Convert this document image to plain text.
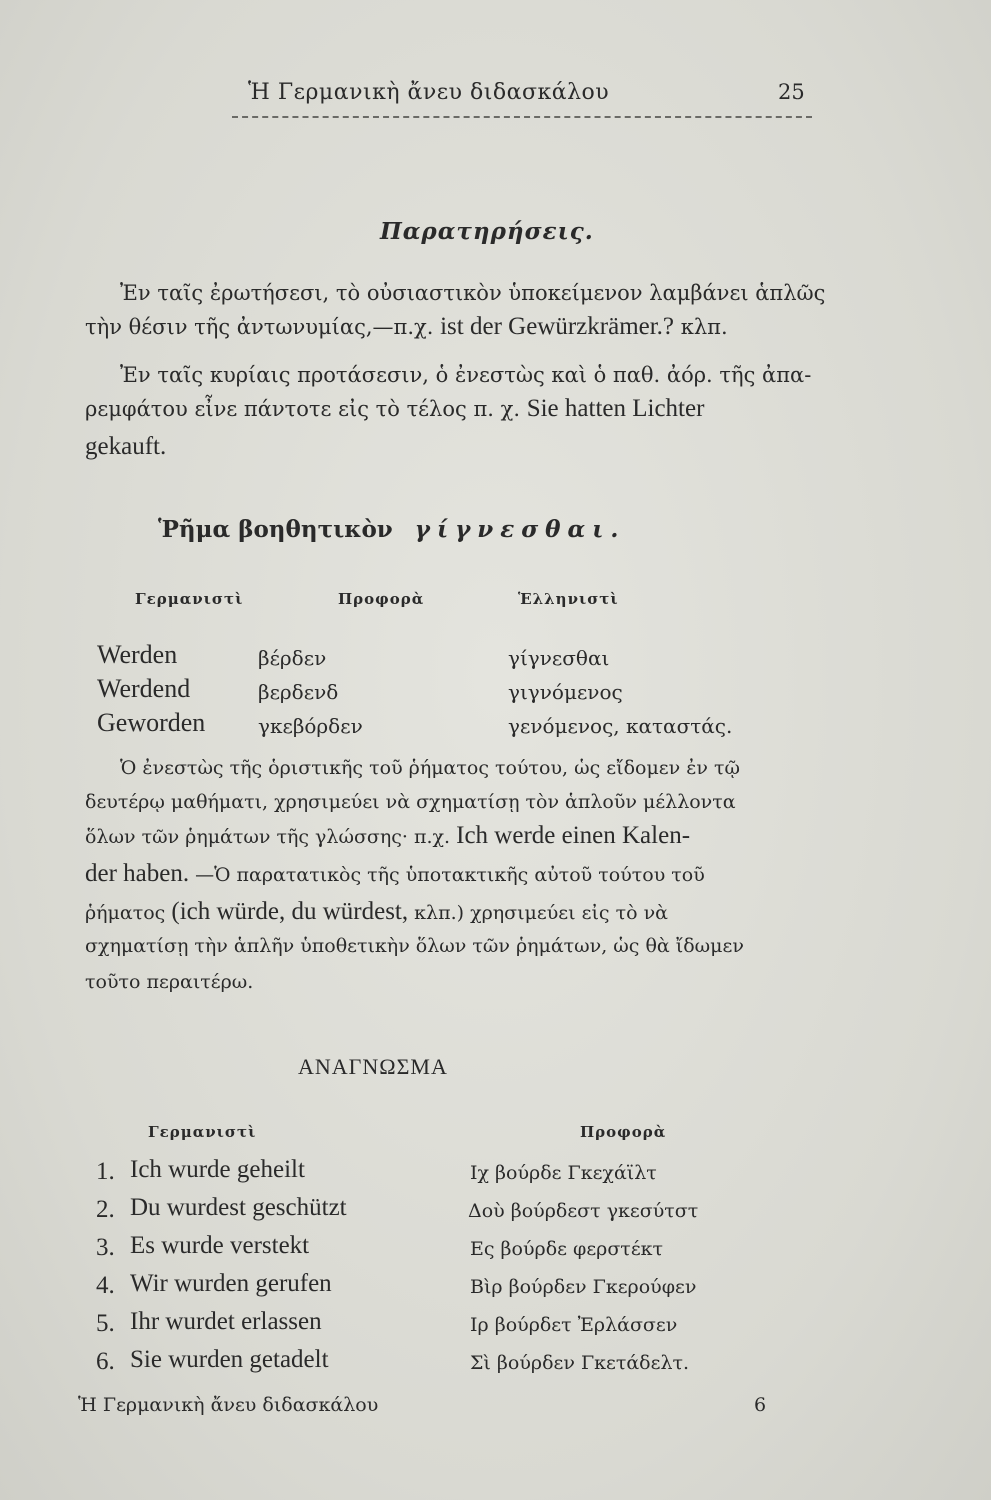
Ἡ Γερμανικὴ ἄνευ διδασκάλου	25
Παρατηρήσεις.
Ἐν ταῖς ἐρωτήσεσι, τὸ οὐσιαστικὸν ὑποκείμενον λαμβάνει ἁπλῶς
τὴν θέσιν τῆς ἀντωνυμίας,—π.χ. ist der Gewürzkrämer.? κλπ.
Ἐν ταῖς κυρίαις προτάσεσιν, ὁ ἐνεστὼς καὶ ὁ παθ. ἀόρ. τῆς ἀπα-
ρεμφάτου εἶνε πάντοτε εἰς τὸ τέλος π. χ. Sie hatten Lichter
gekauft.
Ῥῆμα βοηθητικὸν γίγνεσθαι.
Γερμανιστὶ	Προφορὰ	Ἑλληνιστὶ
Werden	βέρδεν	γίγνεσθαι
Werdend	βερδενδ	γιγνόμενος
Geworden	γκεβόρδεν	γενόμενος, καταστάς.
Ὁ ἐνεστὼς τῆς ὁριστικῆς τοῦ ῥήματος τούτου, ὡς εἴδομεν ἐν τῷ
δευτέρῳ μαθήματι, χρησιμεύει νὰ σχηματίσῃ τὸν ἁπλοῦν μέλλοντα
ὅλων τῶν ῥημάτων τῆς γλώσσης· π.χ. Ich werde einen Kalen-
der haben. —Ὁ παρατατικὸς τῆς ὑποτακτικῆς αὐτοῦ τούτου τοῦ
ῥήματος (ich würde, du würdest, κλπ.) χρησιμεύει εἰς τὸ νὰ
σχηματίσῃ τὴν ἁπλῆν ὑποθετικὴν ὅλων τῶν ῥημάτων, ὡς θὰ ἴδωμεν
τοῦτο περαιτέρω.
ΑΝΑΓΝΩΣΜΑ
Γερμανιστὶ	Προφορὰ
1. Ich wurde geheilt	Ιχ βούρδε Γκεχάϊλτ
2. Du wurdest geschützt	Δοὺ βούρδεστ γκεσύτστ
3. Es wurde verstekt	Ες βούρδε φερστέκτ
4. Wir wurden gerufen	Βὶρ βούρδεν Γκερούφεν
5. Ihr wurdet erlassen	Ιρ βούρδετ Ἐρλάσσεν
6. Sie wurden getadelt	Σὶ βούρδεν Γκετάδελτ.
Ἡ Γερμανικὴ ἄνευ διδασκάλου	6
